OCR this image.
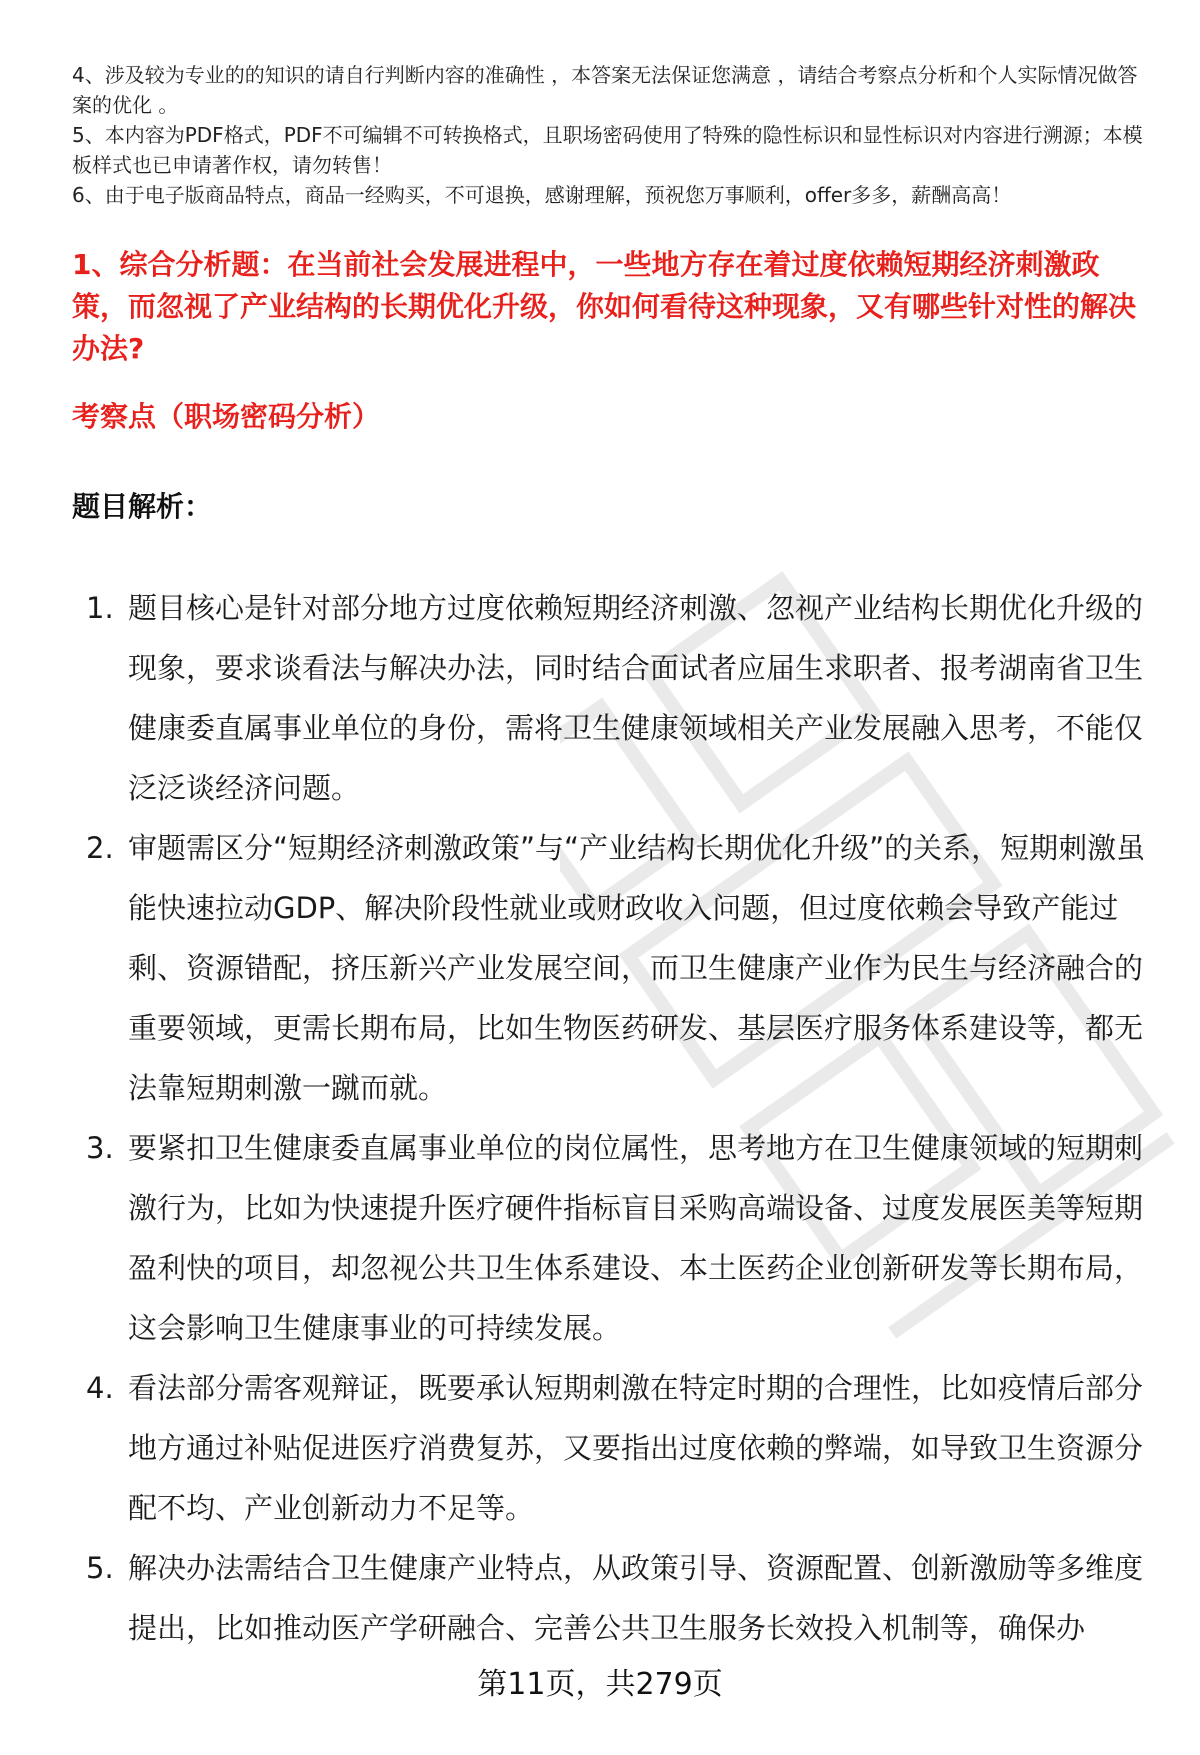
4、涉及较为专业的的知识的请自行判断内容的准确性 ，本答案无法保证您满意 ，请结合考察点分析和个人实际情况做答案的优化 。

5、本内容为PDF格式，PDF不可编辑不可转换格式，且职场密码使用了特殊的隐性标识和显性标识对内容进行溯源；本模板样式也已申请著作权，请勿转售！

6、由于电子版商品特点，商品一经购买，不可退换，感谢理解，预祝您万事顺利，offer多多，薪酬高高！

1、综合分析题：在当前社会发展进程中，一些地方存在着过度依赖短期经济刺激政策，而忽视了产业结构的长期优化升级，你如何看待这种现象，又有哪些针对性的解决办法?
考察点（职场密码分析）
题目解析：
1. 题目核心是针对部分地方过度依赖短期经济刺激、忽视产业结构长期优化升级的现象，要求谈看法与解决办法，同时结合面试者应届生求职者、报考湖南省卫生健康委直属事业单位的身份，需将卫生健康领域相关产业发展融入思考，不能仅泛泛谈经济问题。
2. 审题需区分“短期经济刺激政策”与“产业结构长期优化升级”的关系，短期刺激虽能快速拉动GDP、解决阶段性就业或财政收入问题，但过度依赖会导致产能过剩、资源错配，挤压新兴产业发展空间，而卫生健康产业作为民生与经济融合的重要领域，更需长期布局，比如生物医药研发、基层医疗服务体系建设等，都无法靠短期刺激一蹴而就。
3. 要紧扣卫生健康委直属事业单位的岗位属性，思考地方在卫生健康领域的短期刺激行为，比如为快速提升医疗硬件指标盲目采购高端设备、过度发展医美等短期盈利快的项目，却忽视公共卫生体系建设、本土医药企业创新研发等长期布局，这会影响卫生健康事业的可持续发展。
4. 看法部分需客观辩证，既要承认短期刺激在特定时期的合理性，比如疫情后部分地方通过补贴促进医疗消费复苏，又要指出过度依赖的弊端，如导致卫生资源分配不均、产业创新动力不足等。
5. 解决办法需结合卫生健康产业特点，从政策引导、资源配置、创新激励等多维度提出，比如推动医产学研融合、完善公共卫生服务长效投入机制等，确保办
第11页，共279页
